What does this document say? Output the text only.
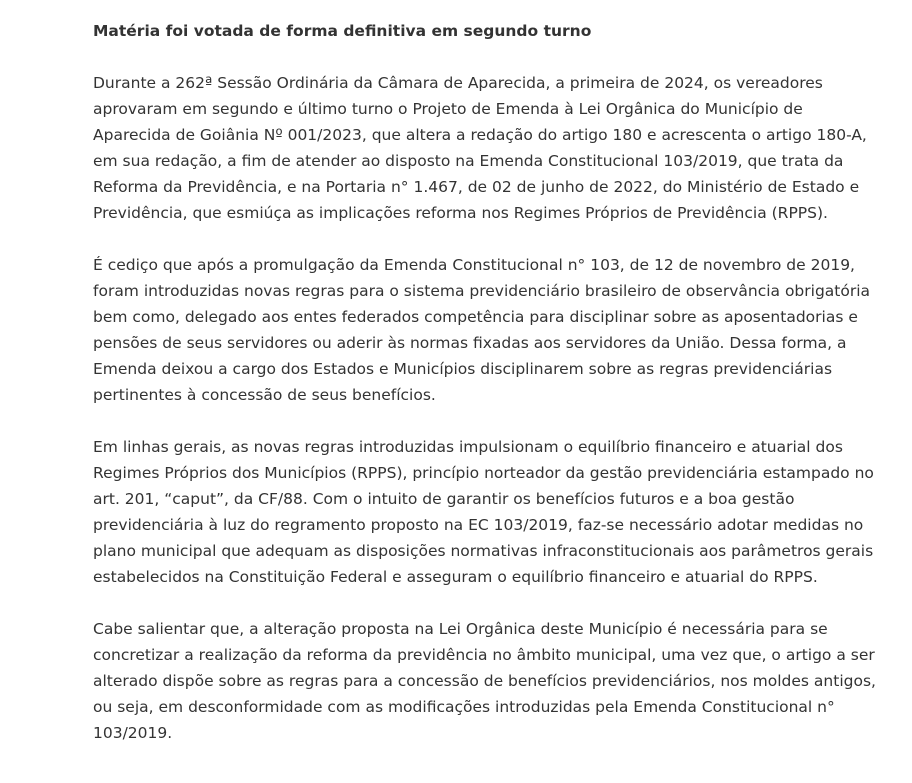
Matéria foi votada de forma definitiva em segundo turno

Durante a 262ª Sessão Ordinária da Câmara de Aparecida, a primeira de 2024, os vereadores aprovaram em segundo e último turno o Projeto de Emenda à Lei Orgânica do Município de Aparecida de Goiânia Nº 001/2023, que altera a redação do artigo 180 e acrescenta o artigo 180-A, em sua redação, a fim de atender ao disposto na Emenda Constitucional 103/2019, que trata da Reforma da Previdência, e na Portaria n° 1.467, de 02 de junho de 2022, do Ministério de Estado e Previdência, que esmiúça as implicações reforma nos Regimes Próprios de Previdência (RPPS).

É cediço que após a promulgação da Emenda Constitucional n° 103, de 12 de novembro de 2019, foram introduzidas novas regras para o sistema previdenciário brasileiro de observância obrigatória bem como, delegado aos entes federados competência para disciplinar sobre as aposentadorias e pensões de seus servidores ou aderir às normas fixadas aos servidores da União. Dessa forma, a Emenda deixou a cargo dos Estados e Municípios disciplinarem sobre as regras previdenciárias pertinentes à concessão de seus benefícios.

Em linhas gerais, as novas regras introduzidas impulsionam o equilíbrio financeiro e atuarial dos Regimes Próprios dos Municípios (RPPS), princípio norteador da gestão previdenciária estampado no art. 201, “caput”, da CF/88. Com o intuito de garantir os benefícios futuros e a boa gestão previdenciária à luz do regramento proposto na EC 103/2019, faz-se necessário adotar medidas no plano municipal que adequam as disposições normativas infraconstitucionais aos parâmetros gerais estabelecidos na Constituição Federal e asseguram o equilíbrio financeiro e atuarial do RPPS.

Cabe salientar que, a alteração proposta na Lei Orgânica deste Município é necessária para se concretizar a realização da reforma da previdência no âmbito municipal, uma vez que, o artigo a ser alterado dispõe sobre as regras para a concessão de benefícios previdenciários, nos moldes antigos, ou seja, em desconformidade com as modificações introduzidas pela Emenda Constitucional n° 103/2019.
